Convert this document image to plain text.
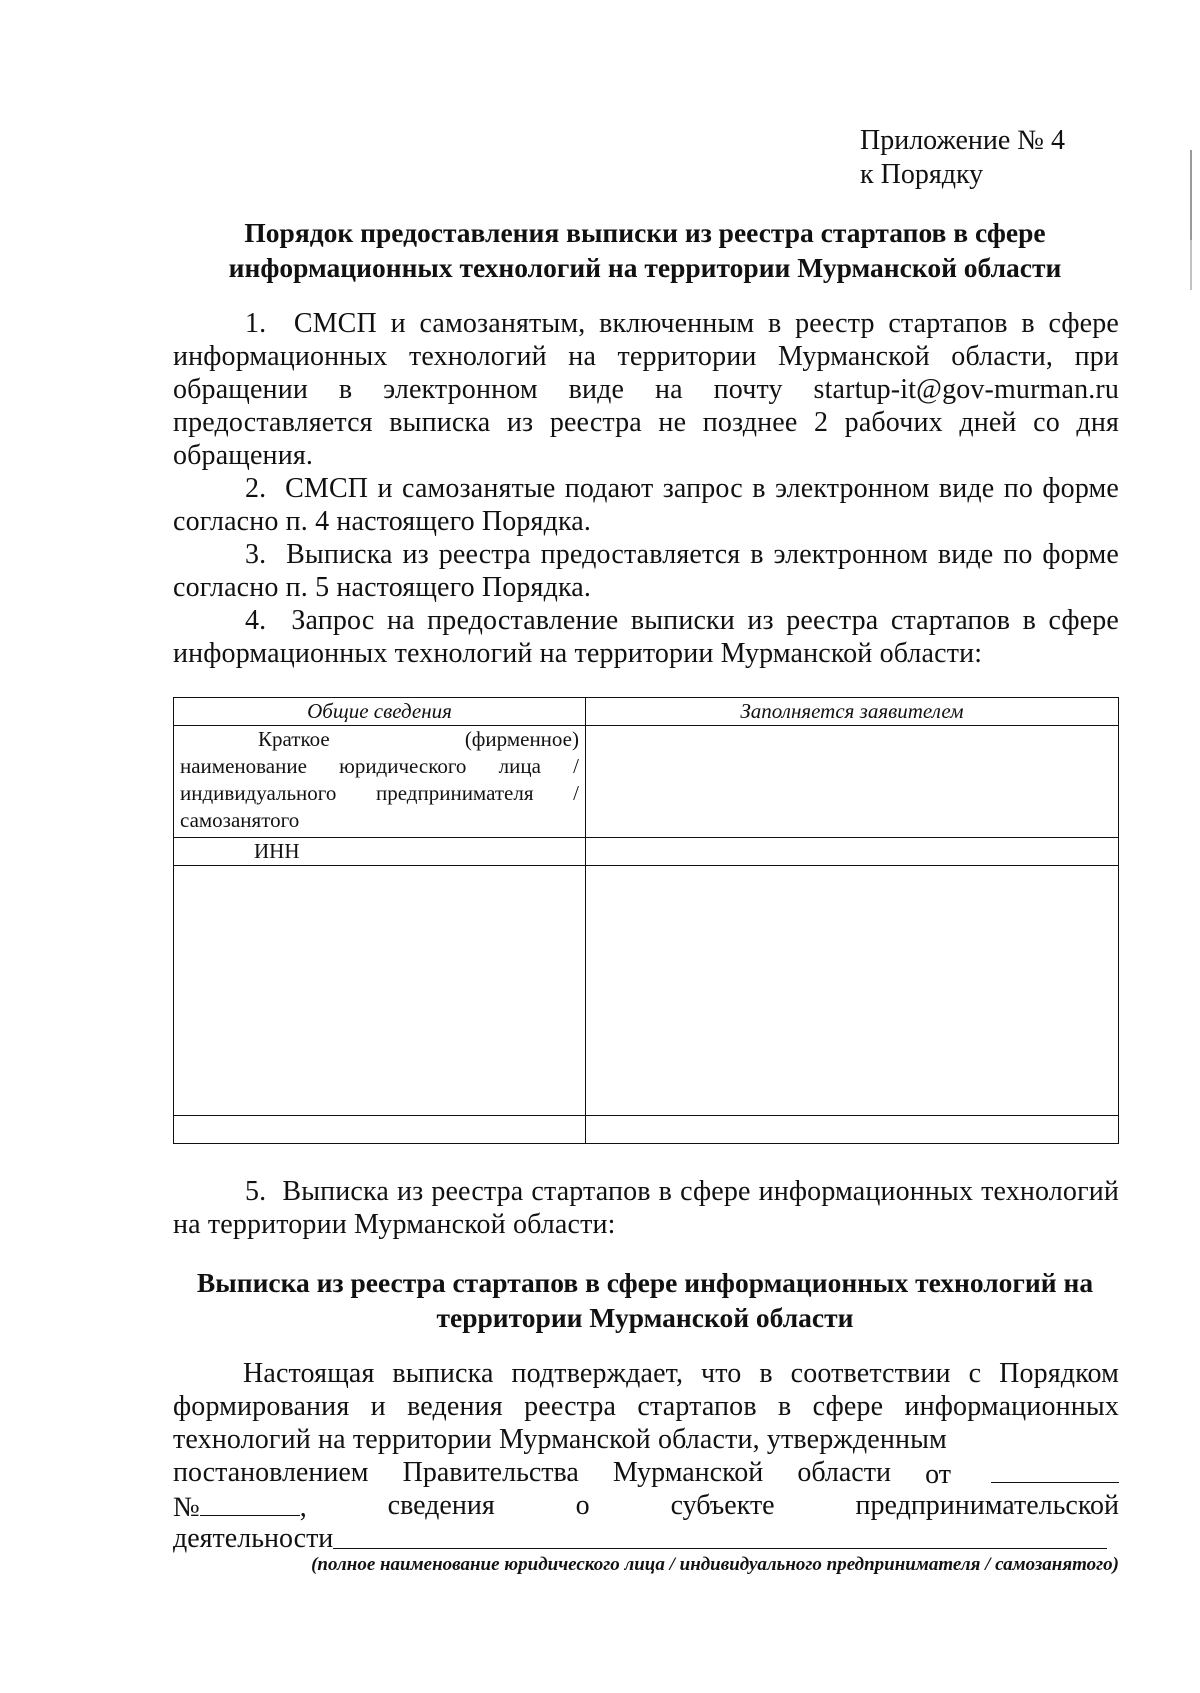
Приложение № 4
к Порядку
Порядок предоставления выписки из реестра стартапов в сфере
информационных технологий на территории Мурманской области
1. СМСП и самозанятым, включенным в реестр стартапов в сфере информационных технологий на территории Мурманской области, при обращении в электронном виде на почту startup-it@gov-murman.ru предоставляется выписка из реестра не позднее 2 рабочих дней со дня обращения.
2. СМСП и самозанятые подают запрос в электронном виде по форме согласно п. 4 настоящего Порядка.
3. Выписка из реестра предоставляется в электронном виде по форме согласно п. 5 настоящего Порядка.
4. Запрос на предоставление выписки из реестра стартапов в сфере информационных технологий на территории Мурманской области:
Общие сведения	Заполняется заявителем

Краткое (фирменное)
наименование юридического лица / индивидуального предпринимателя / самозанятого	
ИНН	

5. Выписка из реестра стартапов в сфере информационных технологий на территории Мурманской области:
Выписка из реестра стартапов в сфере информационных технологий на
территории Мурманской области
Настоящая выписка подтверждает, что в соответствии с Порядком формирования и ведения реестра стартапов в сфере информационных технологий на территории Мурманской области, утвержденным
постановлением Правительства Мурманской области от
№	,	сведения	о	субъекте	предпринимательской
деятельности
(полное наименование юридического лица / индивидуального предпринимателя / самозанятого)
